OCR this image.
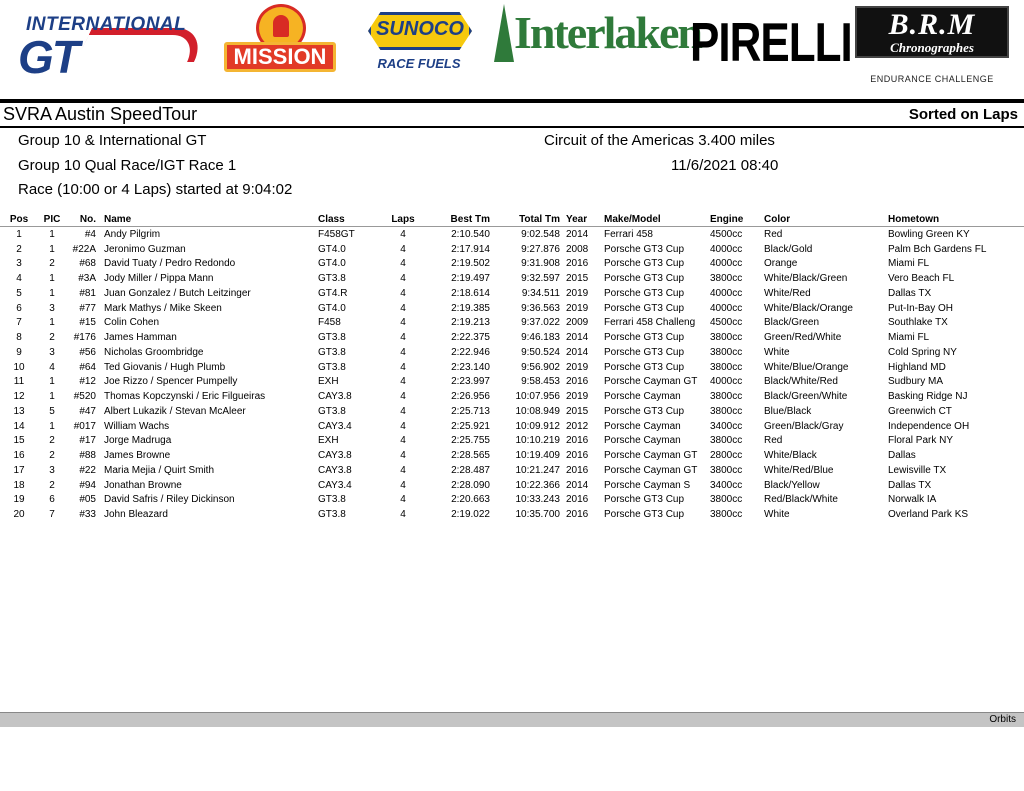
INTERNATIONAL
GT	MISSION
SUNOCO
RACE FUELS
Interlaken
PIRELLI	B.R.M
Chronographes
ENDURANCE CHALLENGE
SVRA Austin SpeedTour	Sorted on Laps
Group 10 & International GT	Circuit of the Americas 3.400 miles
Group 10 Qual Race/IGT Race 1	11/6/2021 08:40
Race (10:00 or 4 Laps) started at 9:04:02
Pos	PIC	No.	Name	Class	Laps	Best Tm	Total Tm	Year	Make/Model	Engine	Color	Hometown
1	1	#4	Andy Pilgrim	F458GT	4	2:10.540	9:02.548	2014	Ferrari 458	4500cc	Red	Bowling Green KY
2	1	#22A	Jeronimo Guzman	GT4.0	4	2:17.914	9:27.876	2008	Porsche GT3 Cup	4000cc	Black/Gold	Palm Bch Gardens FL
3	2	#68	David Tuaty / Pedro Redondo	GT4.0	4	2:19.502	9:31.908	2016	Porsche GT3 Cup	4000cc	Orange	Miami FL
4	1	#3A	Jody Miller / Pippa Mann	GT3.8	4	2:19.497	9:32.597	2015	Porsche GT3 Cup	3800cc	White/Black/Green	Vero Beach FL
5	1	#81	Juan Gonzalez / Butch Leitzinger	GT4.R	4	2:18.614	9:34.511	2019	Porsche GT3 Cup	4000cc	White/Red	Dallas TX
6	3	#77	Mark Mathys / Mike Skeen	GT4.0	4	2:19.385	9:36.563	2019	Porsche GT3 Cup	4000cc	White/Black/Orange	Put-In-Bay OH
7	1	#15	Colin Cohen	F458	4	2:19.213	9:37.022	2009	Ferrari 458 Challeng	4500cc	Black/Green	Southlake TX
8	2	#176	James Hamman	GT3.8	4	2:22.375	9:46.183	2014	Porsche GT3 Cup	3800cc	Green/Red/White	Miami FL
9	3	#56	Nicholas Groombridge	GT3.8	4	2:22.946	9:50.524	2014	Porsche GT3 Cup	3800cc	White	Cold Spring NY
10	4	#64	Ted Giovanis / Hugh Plumb	GT3.8	4	2:23.140	9:56.902	2019	Porsche GT3 Cup	3800cc	White/Blue/Orange	Highland MD
11	1	#12	Joe Rizzo / Spencer Pumpelly	EXH	4	2:23.997	9:58.453	2016	Porsche Cayman GT	4000cc	Black/White/Red	Sudbury MA
12	1	#520	Thomas Kopczynski / Eric Filgueiras	CAY3.8	4	2:26.956	10:07.956	2019	Porsche Cayman	3800cc	Black/Green/White	Basking Ridge NJ
13	5	#47	Albert Lukazik / Stevan McAleer	GT3.8	4	2:25.713	10:08.949	2015	Porsche GT3 Cup	3800cc	Blue/Black	Greenwich CT
14	1	#017	William Wachs	CAY3.4	4	2:25.921	10:09.912	2012	Porsche Cayman	3400cc	Green/Black/Gray	Independence OH
15	2	#17	Jorge Madruga	EXH	4	2:25.755	10:10.219	2016	Porsche Cayman	3800cc	Red	Floral Park NY
16	2	#88	James Browne	CAY3.8	4	2:28.565	10:19.409	2016	Porsche Cayman GT	2800cc	White/Black	Dallas
17	3	#22	Maria Mejia / Quirt Smith	CAY3.8	4	2:28.487	10:21.247	2016	Porsche Cayman GT	3800cc	White/Red/Blue	Lewisville TX
18	2	#94	Jonathan Browne	CAY3.4	4	2:28.090	10:22.366	2014	Porsche Cayman S	3400cc	Black/Yellow	Dallas TX
19	6	#05	David Safris / Riley Dickinson	GT3.8	4	2:20.663	10:33.243	2016	Porsche GT3 Cup	3800cc	Red/Black/White	Norwalk IA
20	7	#33	John Bleazard	GT3.8	4	2:19.022	10:35.700	2016	Porsche GT3 Cup	3800cc	White	Overland Park KS
Orbits
